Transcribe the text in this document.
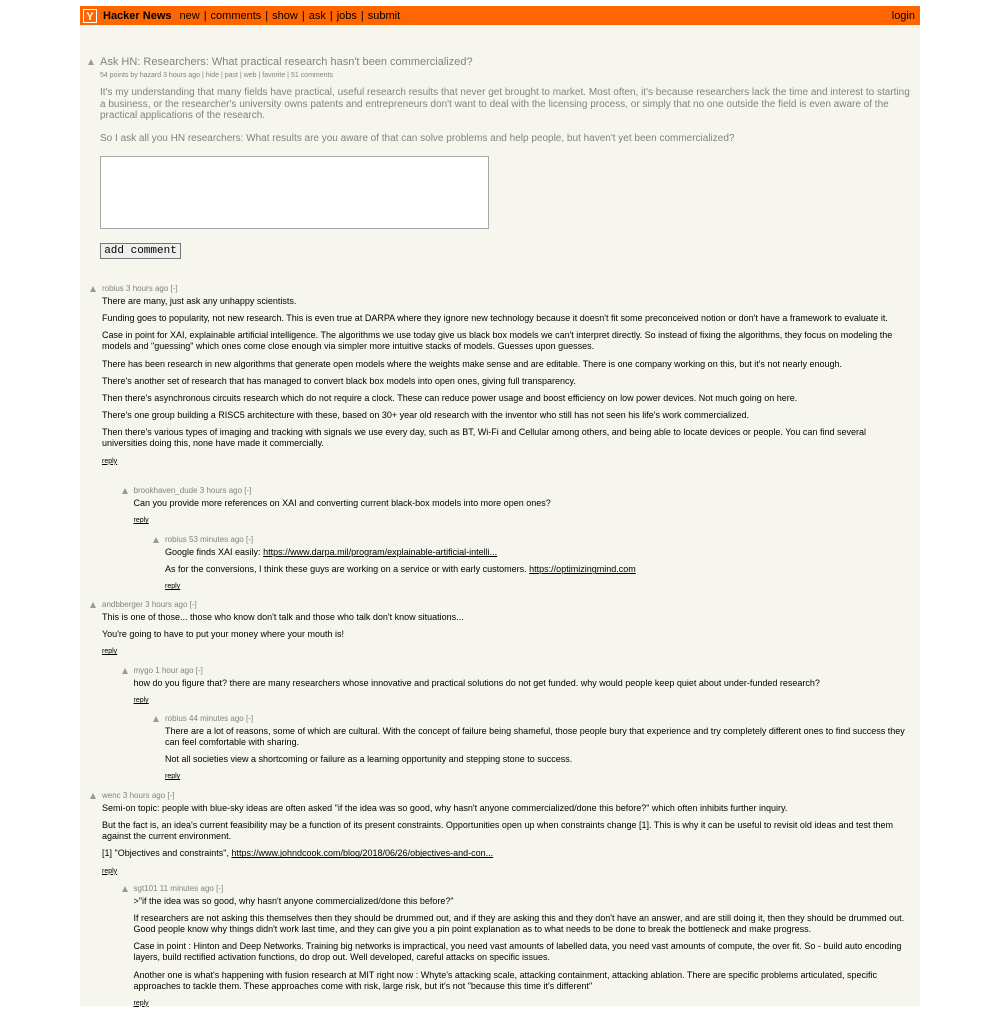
Y Hacker News new | comments | show | ask | jobs | submit	login
Ask HN: Researchers: What practical research hasn't been commercialized?
54 points by hazard 3 hours ago | hide | past | web | favorite | 51 comments

It's my understanding that many fields have practical, useful research results that never get brought to market. Most often, it's because researchers lack the time and interest to starting a business, or the researcher's university owns patents and entrepreneurs don't want to deal with the licensing process, or simply that no one outside the field is even aware of the practical applications of the research.

So I ask all you HN researchers: What results are you aware of that can solve problems and help people, but haven't yet been commercialized?

add comment
robius 3 hours ago [-]

There are many, just ask any unhappy scientists.

Funding goes to popularity, not new research. This is even true at DARPA where they ignore new technology because it doesn't fit some preconceived notion or don't have a framework to evaluate it.

Case in point for XAI, explainable artificial intelligence. The algorithms we use today give us black box models we can't interpret directly. So instead of fixing the algorithms, they focus on modeling the models and "guessing" which ones come close enough via simpler more intuitive stacks of models. Guesses upon guesses.

There has been research in new algorithms that generate open models where the weights make sense and are editable. There is one company working on this, but it's not nearly enough.

There's another set of research that has managed to convert black box models into open ones, giving full transparency.

Then there's asynchronous circuits research which do not require a clock. These can reduce power usage and boost efficiency on low power devices. Not much going on here.

There's one group building a RISC5 architecture with these, based on 30+ year old research with the inventor who still has not seen his life's work commercialized.

Then there's various types of imaging and tracking with signals we use every day, such as BT, Wi-Fi and Cellular among others, and being able to locate devices or people. You can find several universities doing this, none have made it commercially.

reply
brookhaven_dude 3 hours ago [-]

Can you provide more references on XAI and converting current black-box models into more open ones?

reply
robius 53 minutes ago [-]

Google finds XAI easily: https://www.darpa.mil/program/explainable-artificial-intelli...

As for the conversions, I think these guys are working on a service or with early customers. https://optimizingmind.com

reply
andbberger 3 hours ago [-]

This is one of those... those who know don't talk and those who talk don't know situations...

You're going to have to put your money where your mouth is!

reply
mygo 1 hour ago [-]

how do you figure that? there are many researchers whose innovative and practical solutions do not get funded. why would people keep quiet about under-funded research?

reply
robius 44 minutes ago [-]

There are a lot of reasons, some of which are cultural. With the concept of failure being shameful, those people bury that experience and try completely different ones to find success they can feel comfortable with sharing.

Not all societies view a shortcoming or failure as a learning opportunity and stepping stone to success.

reply
wenc 3 hours ago [-]

Semi-on topic: people with blue-sky ideas are often asked "if the idea was so good, why hasn't anyone commercialized/done this before?" which often inhibits further inquiry.

But the fact is, an idea's current feasibility may be a function of its present constraints. Opportunities open up when constraints change [1]. This is why it can be useful to revisit old ideas and test them against the current environment.

[1] "Objectives and constraints", https://www.johndcook.com/blog/2018/06/26/objectives-and-con...

reply
sgt101 11 minutes ago [-]

>"if the idea was so good, why hasn't anyone commercialized/done this before?"

If researchers are not asking this themselves then they should be drummed out, and if they are asking this and they don't have an answer, and are still doing it, then they should be drummed out. Good people know why things didn't work last time, and they can give you a pin point explanation as to what needs to be done to break the bottleneck and make progress.

Case in point : Hinton and Deep Networks. Training big networks is impractical, you need vast amounts of labelled data, you need vast amounts of compute, the over fit. So - build auto encoding layers, build rectified activation functions, do drop out. Well developed, careful attacks on specific issues.

Another one is what's happening with fusion research at MIT right now : Whyte's attacking scale, attacking containment, attacking ablation. There are specific problems articulated, specific approaches to tackle them. These approaches come with risk, large risk, but it's not "because this time it's different"

reply
